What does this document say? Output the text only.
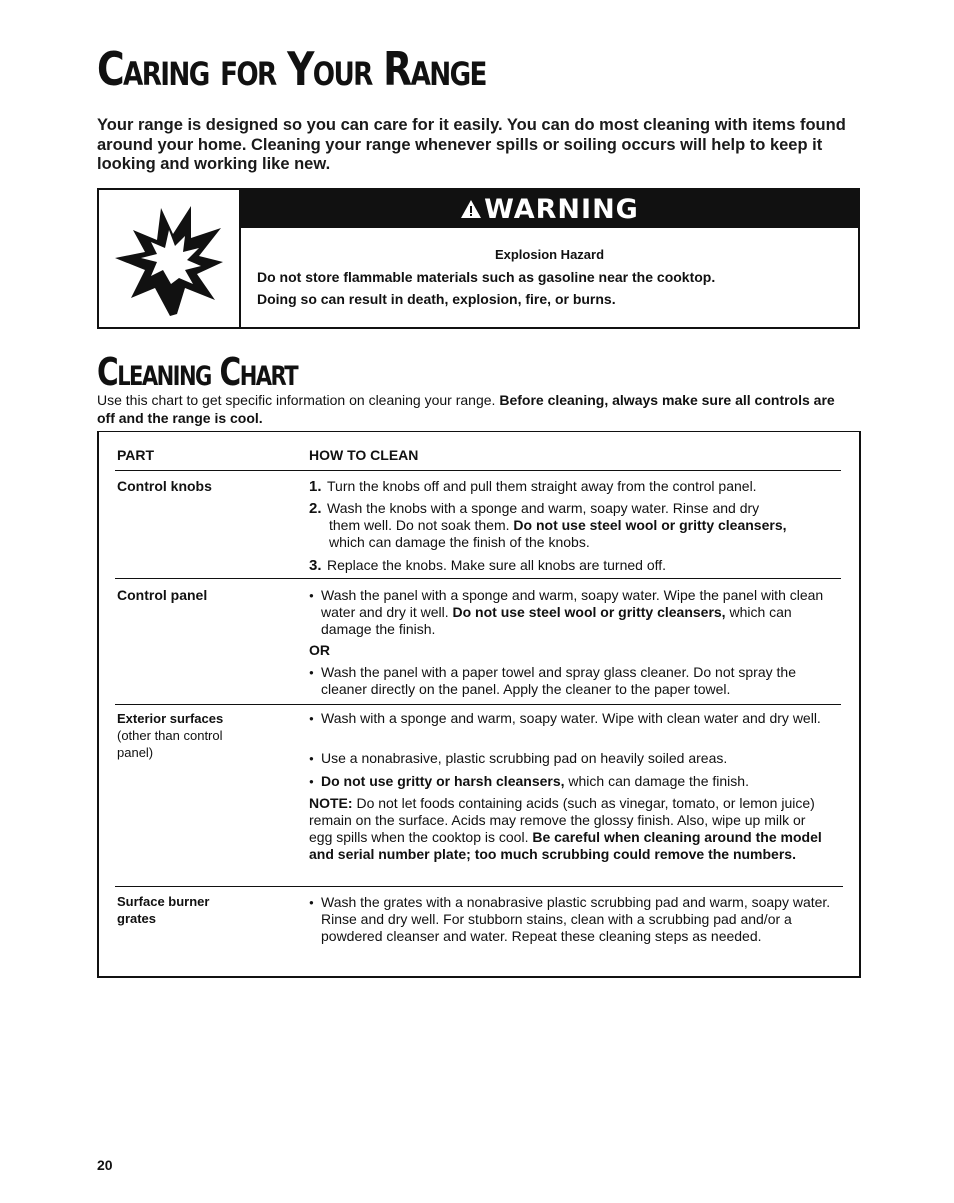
Caring for Your Range

Your range is designed so you can care for it easily. You can do most cleaning with items found around your home. Cleaning your range whenever spills or soiling occurs will help to keep it looking and working like new.

WARNING
Explosion Hazard
Do not store flammable materials such as gasoline near the cooktop.
Doing so can result in death, explosion, fire, or burns.
Cleaning Chart

Use this chart to get specific information on cleaning your range. Before cleaning, always make sure all controls are off and the range is cool.

PART	HOW TO CLEAN
Control knobs	1. Turn the knobs off and pull them straight away from the control panel.
2. Wash the knobs with a sponge and warm, soapy water. Rinse and dry
them well. Do not soak them. Do not use steel wool or gritty cleansers,
which can damage the finish of the knobs.
3. Replace the knobs. Make sure all knobs are turned off.
Control panel
●	Wash the panel with a sponge and warm, soapy water. Wipe the panel with clean water and dry it well. Do not use steel wool or gritty cleansers, which can damage the finish.
OR
● Wash the panel with a paper towel and spray glass cleaner. Do not spray the cleaner directly on the panel. Apply the cleaner to the paper towel.
Exterior surfaces
(other than control panel)
● Wash with a sponge and warm, soapy water. Wipe with clean water and dry well.
● Use a nonabrasive, plastic scrubbing pad on heavily soiled areas.
● Do not use gritty or harsh cleansers, which can damage the finish.
NOTE: Do not let foods containing acids (such as vinegar, tomato, or lemon juice) remain on the surface. Acids may remove the glossy finish. Also, wipe up milk or egg spills when the cooktop is cool. Be careful when cleaning around the model and serial number plate; too much scrubbing could remove the numbers.
Surface burner grates
● Wash the grates with a nonabrasive plastic scrubbing pad and warm, soapy water. Rinse and dry well. For stubborn stains, clean with a scrubbing pad and/or a powdered cleanser and water. Repeat these cleaning steps as needed.
20
